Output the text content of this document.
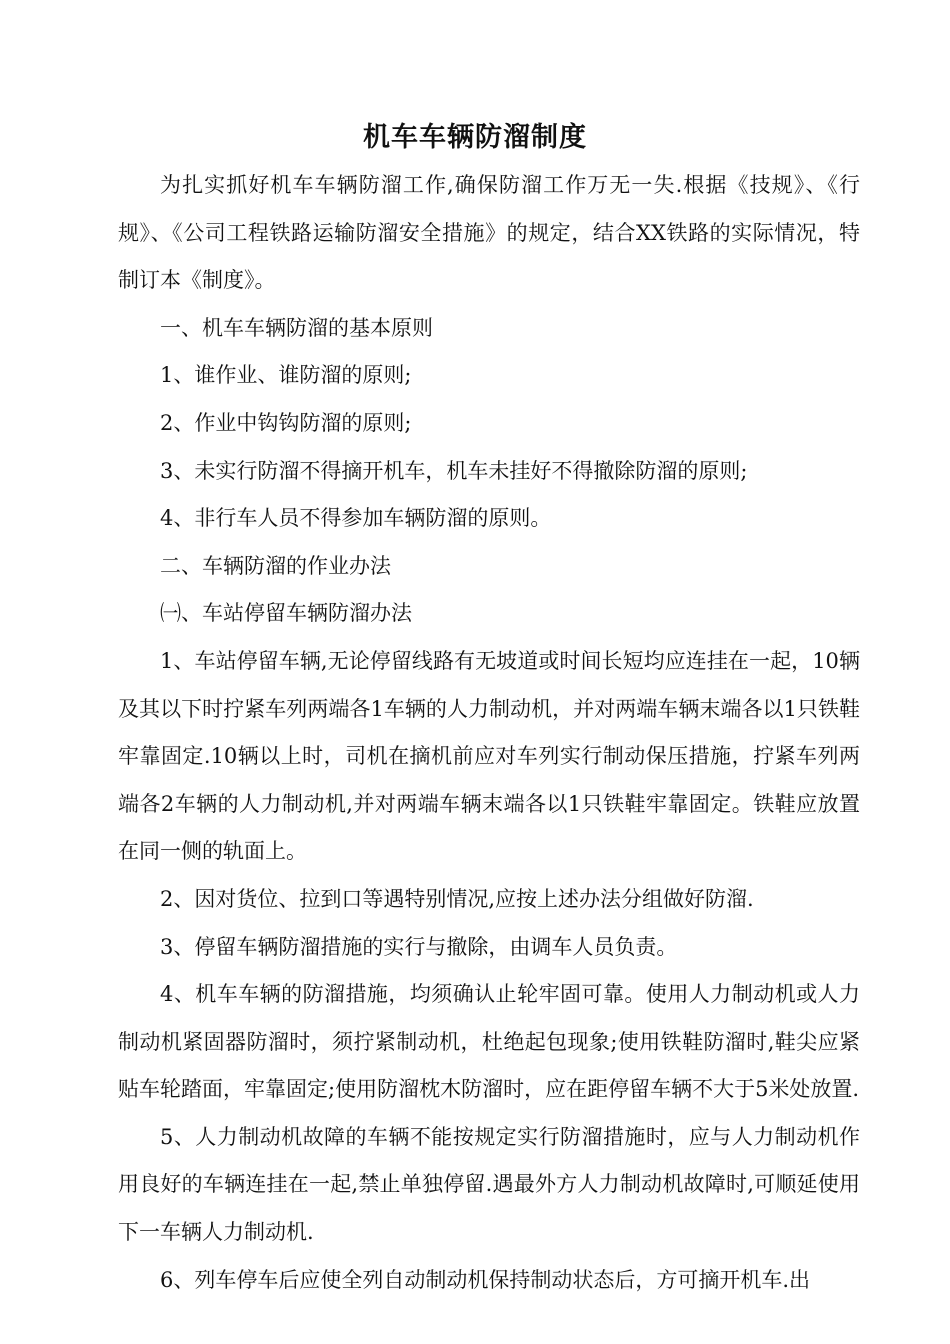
机车车辆防溜制度

为扎实抓好机车车辆防溜工作,确保防溜工作万无一失.根据《技规》、《行规》、《公司工程铁路运输防溜安全措施》的规定，结合XX铁路的实际情况，特制订本《制度》。

一、机车车辆防溜的基本原则

1、谁作业、谁防溜的原则;

2、作业中钩钩防溜的原则;

3、未实行防溜不得摘开机车，机车未挂好不得撤除防溜的原则;

4、非行车人员不得参加车辆防溜的原则。

二、车辆防溜的作业办法

㈠、车站停留车辆防溜办法

1、车站停留车辆,无论停留线路有无坡道或时间长短均应连挂在一起，10辆及其以下时拧紧车列两端各1车辆的人力制动机，并对两端车辆末端各以1只铁鞋牢靠固定.10辆以上时，司机在摘机前应对车列实行制动保压措施，拧紧车列两端各2车辆的人力制动机,并对两端车辆末端各以1只铁鞋牢靠固定。铁鞋应放置在同一侧的轨面上。

2、因对货位、拉到口等遇特别情况,应按上述办法分组做好防溜.

3、停留车辆防溜措施的实行与撤除，由调车人员负责。

4、机车车辆的防溜措施，均须确认止轮牢固可靠。使用人力制动机或人力制动机紧固器防溜时，须拧紧制动机，杜绝起包现象;使用铁鞋防溜时,鞋尖应紧贴车轮踏面，牢靠固定;使用防溜枕木防溜时，应在距停留车辆不大于5米处放置.

5、人力制动机故障的车辆不能按规定实行防溜措施时，应与人力制动机作用良好的车辆连挂在一起,禁止单独停留.遇最外方人力制动机故障时,可顺延使用下一车辆人力制动机.

6、列车停车后应使全列自动制动机保持制动状态后，方可摘开机车.出
